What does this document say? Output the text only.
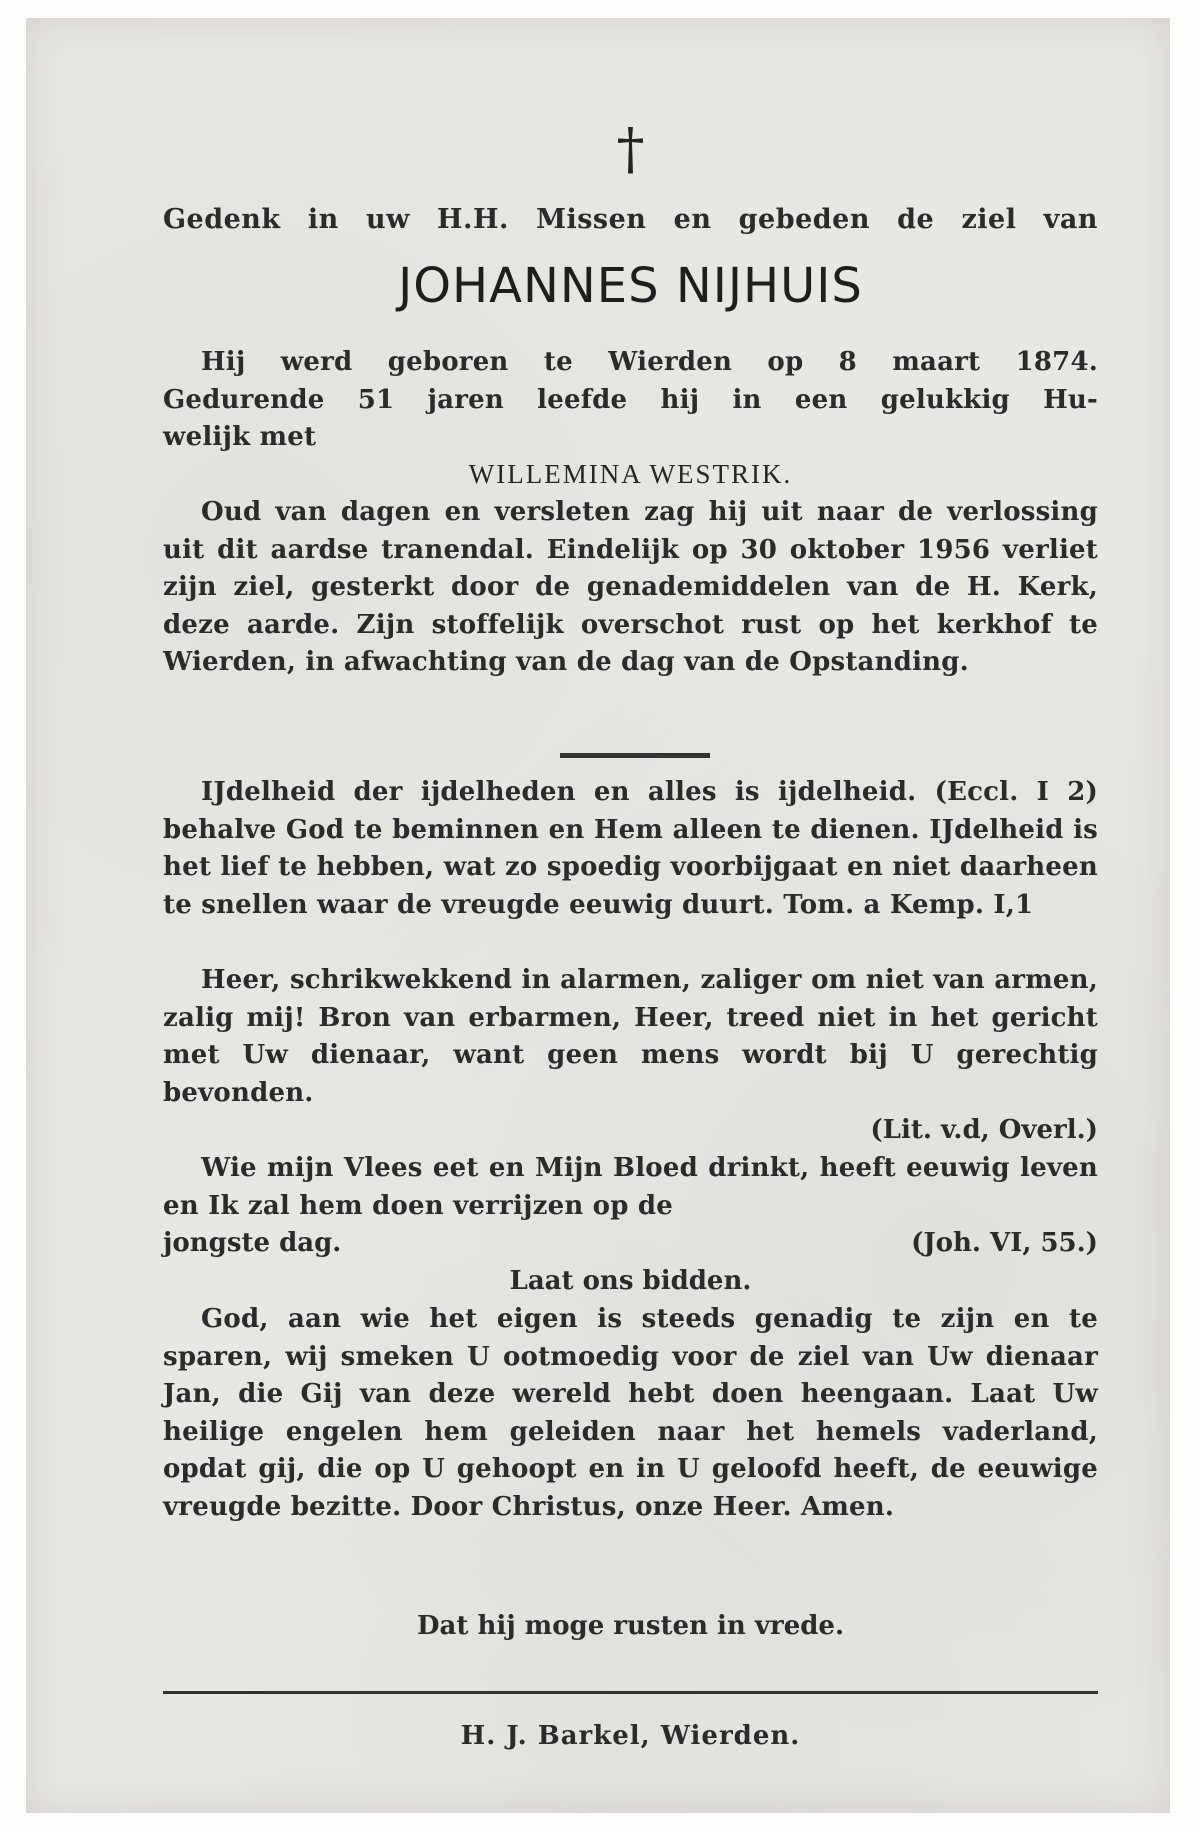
†
Gedenk in uw H.H. Missen en gebeden de ziel van
JOHANNES NIJHUIS
Hij werd geboren te Wierden op 8 maart 1874.
Gedurende 51 jaren leefde hij in een gelukkig Hu-
welijk met
WILLEMINA WESTRIK.

Oud van dagen en versleten zag hij uit naar de verlossing uit dit aardse tranendal. Eindelijk op 30 oktober 1956 verliet zijn ziel, gesterkt door de genademiddelen van de H. Kerk, deze aarde. Zijn stoffelijk overschot rust op het kerkhof te Wierden, in afwachting van de dag van de Opstanding.

IJdelheid der ijdelheden en alles is ijdelheid. (Eccl. I 2) behalve God te beminnen en Hem alleen te dienen. IJdelheid is het lief te hebben, wat zo spoedig voorbijgaat en niet daarheen te snellen waar de vreugde eeuwig duurt. Tom. a Kemp. I,1

Heer, schrikwekkend in alarmen, zaliger om niet van armen, zalig mij! Bron van erbarmen, Heer, treed niet in het gericht met Uw dienaar, want geen mens wordt bij U gerechtig bevonden.

(Lit. v.d, Overl.)

Wie mijn Vlees eet en Mijn Bloed drinkt, heeft eeuwig leven en Ik zal hem doen verrijzen op de

jongste dag.	(Joh. VI, 55.)
Laat ons bidden.

God, aan wie het eigen is steeds genadig te zijn en te sparen, wij smeken U ootmoedig voor de ziel van Uw dienaar Jan, die Gij van deze wereld hebt doen heengaan. Laat Uw heilige engelen hem geleiden naar het hemels vaderland, opdat gij, die op U gehoopt en in U geloofd heeft, de eeuwige vreugde bezitte. Door Christus, onze Heer. Amen.

Dat hij moge rusten in vrede.
H. J. Barkel, Wierden.
